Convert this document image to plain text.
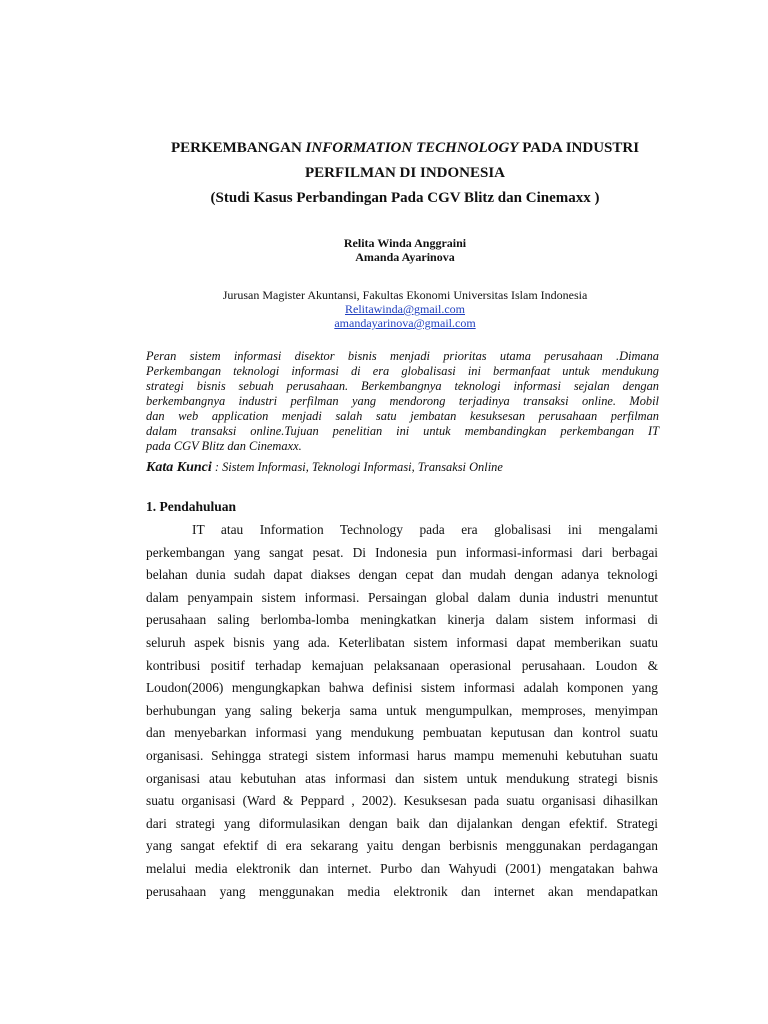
PERKEMBANGAN INFORMATION TECHNOLOGY PADA INDUSTRI
PERFILMAN DI INDONESIA
(Studi Kasus Perbandingan Pada CGV Blitz dan Cinemaxx )
Relita Winda Anggraini
Amanda Ayarinova
Jurusan Magister Akuntansi, Fakultas Ekonomi Universitas Islam Indonesia
Relitawinda@gmail.com
amandayarinova@gmail.com
Peran sistem informasi disektor bisnis menjadi prioritas utama perusahaan .Dimana
Perkembangan teknologi informasi di era globalisasi ini bermanfaat untuk mendukung
strategi bisnis sebuah perusahaan. Berkembangnya teknologi informasi sejalan dengan
berkembangnya industri perfilman yang mendorong terjadinya transaksi online. Mobil
dan web application menjadi salah satu jembatan kesuksesan perusahaan perfilman
dalam transaksi online.Tujuan penelitian ini untuk membandingkan perkembangan IT
pada CGV Blitz dan Cinemaxx.
Kata Kunci : Sistem Informasi, Teknologi Informasi, Transaksi Online
1. Pendahuluan
IT atau Information Technology pada era globalisasi ini mengalami
perkembangan yang sangat pesat. Di Indonesia pun informasi-informasi dari berbagai
belahan dunia sudah dapat diakses dengan cepat dan mudah dengan adanya teknologi
dalam penyampain sistem informasi. Persaingan global dalam dunia industri menuntut
perusahaan saling berlomba-lomba meningkatkan kinerja dalam sistem informasi di
seluruh aspek bisnis yang ada. Keterlibatan sistem informasi dapat memberikan suatu
kontribusi positif terhadap kemajuan pelaksanaan operasional perusahaan. Loudon &
Loudon(2006) mengungkapkan bahwa definisi sistem informasi adalah komponen yang
berhubungan yang saling bekerja sama untuk mengumpulkan, memproses, menyimpan
dan menyebarkan informasi yang mendukung pembuatan keputusan dan kontrol suatu
organisasi. Sehingga strategi sistem informasi harus mampu memenuhi kebutuhan suatu
organisasi atau kebutuhan atas informasi dan sistem untuk mendukung strategi bisnis
suatu organisasi (Ward & Peppard , 2002). Kesuksesan pada suatu organisasi dihasilkan
dari strategi yang diformulasikan dengan baik dan dijalankan dengan efektif. Strategi
yang sangat efektif di era sekarang yaitu dengan berbisnis menggunakan perdagangan
melalui media elektronik dan internet. Purbo dan Wahyudi (2001) mengatakan bahwa
perusahaan yang menggunakan media elektronik dan internet akan mendapatkan
